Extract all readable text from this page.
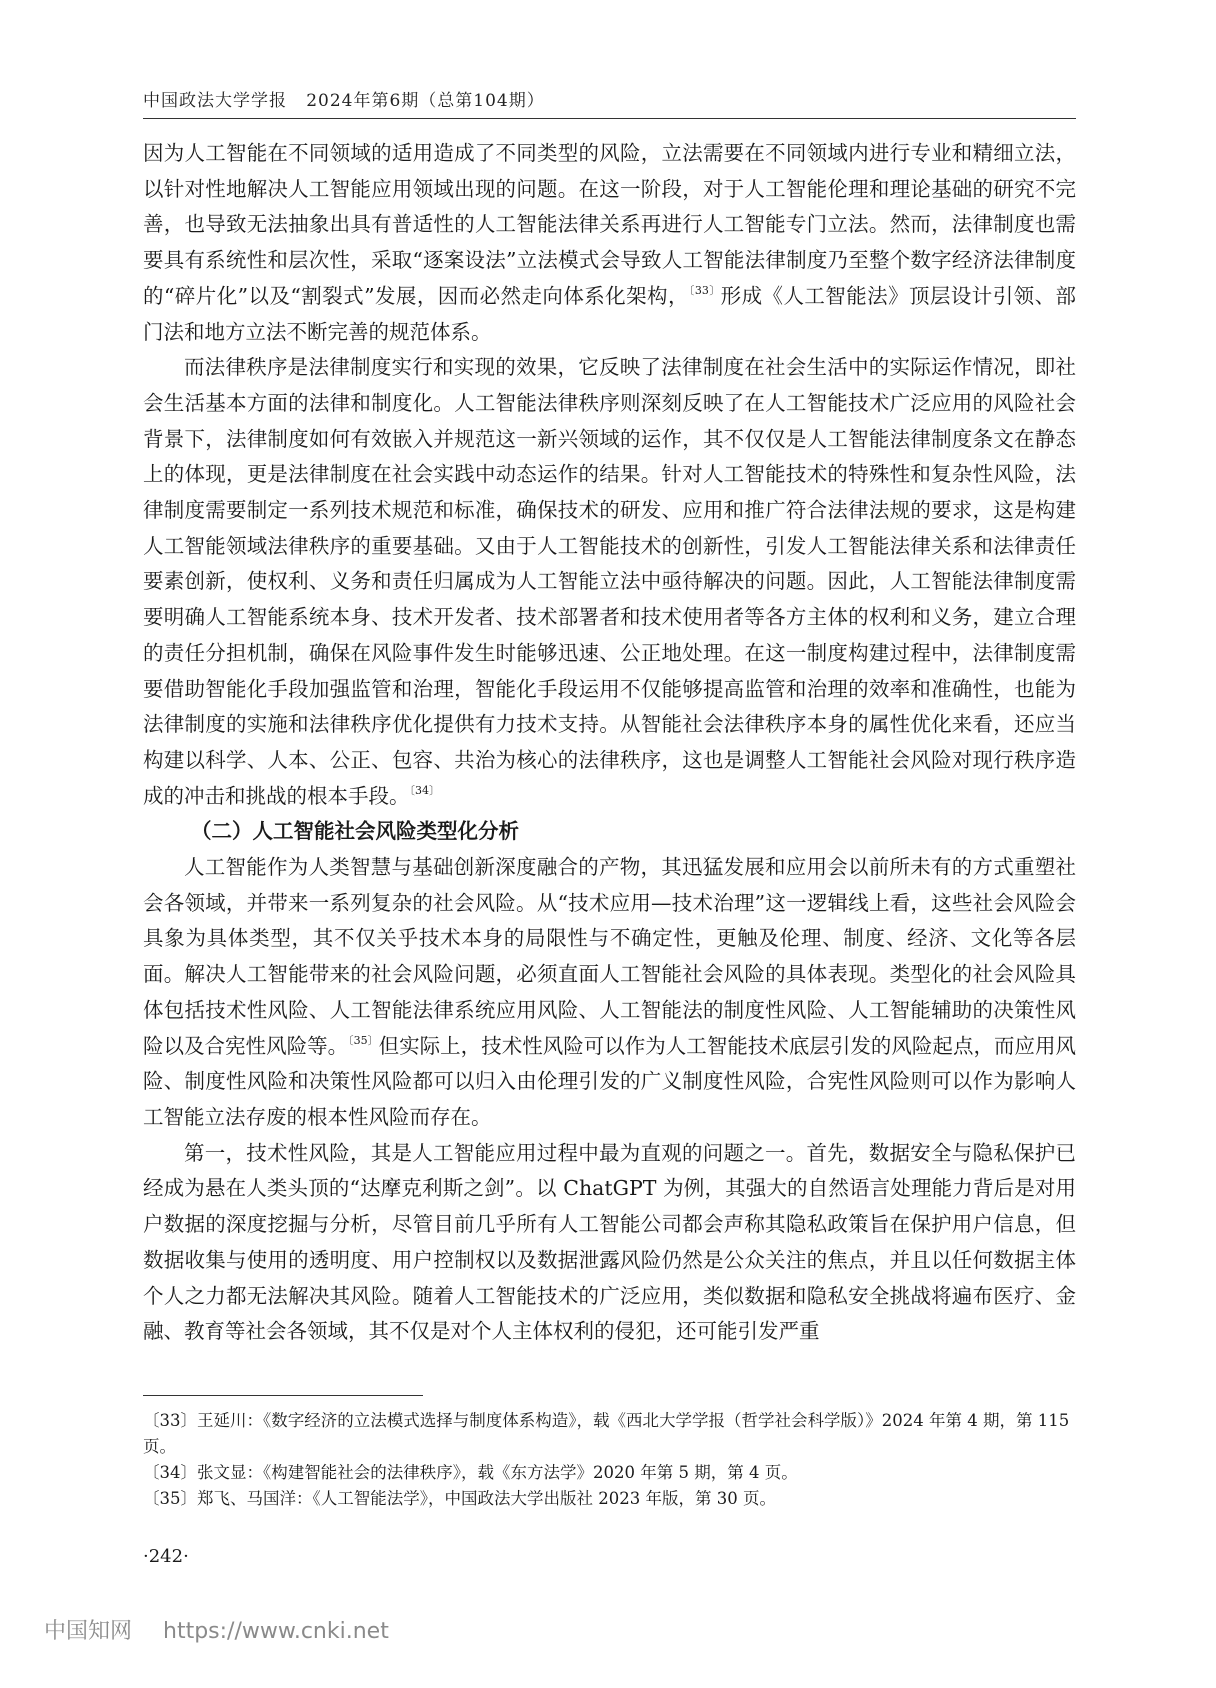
中国政法大学学报 2024年第6期（总第104期）

因为人工智能在不同领域的适用造成了不同类型的风险，立法需要在不同领域内进行专业和精细立法，以针对性地解决人工智能应用领域出现的问题。在这一阶段，对于人工智能伦理和理论基础的研究不完善，也导致无法抽象出具有普适性的人工智能法律关系再进行人工智能专门立法。然而，法律制度也需要具有系统性和层次性，采取“逐案设法”立法模式会导致人工智能法律制度乃至整个数字经济法律制度的“碎片化”以及“割裂式”发展，因而必然走向体系化架构，$^{〔33〕}$形成《人工智能法》顶层设计引领、部门法和地方立法不断完善的规范体系。

而法律秩序是法律制度实行和实现的效果，它反映了法律制度在社会生活中的实际运作情况，即社会生活基本方面的法律和制度化。人工智能法律秩序则深刻反映了在人工智能技术广泛应用的风险社会背景下，法律制度如何有效嵌入并规范这一新兴领域的运作，其不仅仅是人工智能法律制度条文在静态上的体现，更是法律制度在社会实践中动态运作的结果。针对人工智能技术的特殊性和复杂性风险，法律制度需要制定一系列技术规范和标准，确保技术的研发、应用和推广符合法律法规的要求，这是构建人工智能领域法律秩序的重要基础。又由于人工智能技术的创新性，引发人工智能法律关系和法律责任要素创新，使权利、义务和责任归属成为人工智能立法中亟待解决的问题。因此，人工智能法律制度需要明确人工智能系统本身、技术开发者、技术部署者和技术使用者等各方主体的权利和义务，建立合理的责任分担机制，确保在风险事件发生时能够迅速、公正地处理。在这一制度构建过程中，法律制度需要借助智能化手段加强监管和治理，智能化手段运用不仅能够提高监管和治理的效率和准确性，也能为法律制度的实施和法律秩序优化提供有力技术支持。从智能社会法律秩序本身的属性优化来看，还应当构建以科学、人本、公正、包容、共治为核心的法律秩序，这也是调整人工智能社会风险对现行秩序造成的冲击和挑战的根本手段。$^{〔34〕}$

（二）人工智能社会风险类型化分析

人工智能作为人类智慧与基础创新深度融合的产物，其迅猛发展和应用会以前所未有的方式重塑社会各领域，并带来一系列复杂的社会风险。从“技术应用—技术治理”这一逻辑线上看，这些社会风险会具象为具体类型，其不仅关乎技术本身的局限性与不确定性，更触及伦理、制度、经济、文化等各层面。解决人工智能带来的社会风险问题，必须直面人工智能社会风险的具体表现。类型化的社会风险具体包括技术性风险、人工智能法律系统应用风险、人工智能法的制度性风险、人工智能辅助的决策性风险以及合宪性风险等。$^{〔35〕}$但实际上，技术性风险可以作为人工智能技术底层引发的风险起点，而应用风险、制度性风险和决策性风险都可以归入由伦理引发的广义制度性风险，合宪性风险则可以作为影响人工智能立法存废的根本性风险而存在。

第一，技术性风险，其是人工智能应用过程中最为直观的问题之一。首先，数据安全与隐私保护已经成为悬在人类头顶的“达摩克利斯之剑”。以 ChatGPT 为例，其强大的自然语言处理能力背后是对用户数据的深度挖掘与分析，尽管目前几乎所有人工智能公司都会声称其隐私政策旨在保护用户信息，但数据收集与使用的透明度、用户控制权以及数据泄露风险仍然是公众关注的焦点，并且以任何数据主体个人之力都无法解决其风险。随着人工智能技术的广泛应用，类似数据和隐私安全挑战将遍布医疗、金融、教育等社会各领域，其不仅是对个人主体权利的侵犯，还可能引发严重

〔33〕王延川：《数字经济的立法模式选择与制度体系构造》，载《西北大学学报（哲学社会科学版）》2024 年第 4 期，第 115 页。

〔34〕张文显：《构建智能社会的法律秩序》，载《东方法学》2020 年第 5 期，第 4 页。

〔35〕郑飞、马国洋：《人工智能法学》，中国政法大学出版社 2023 年版，第 30 页。

·242·
中国知网 https://www.cnki.net
